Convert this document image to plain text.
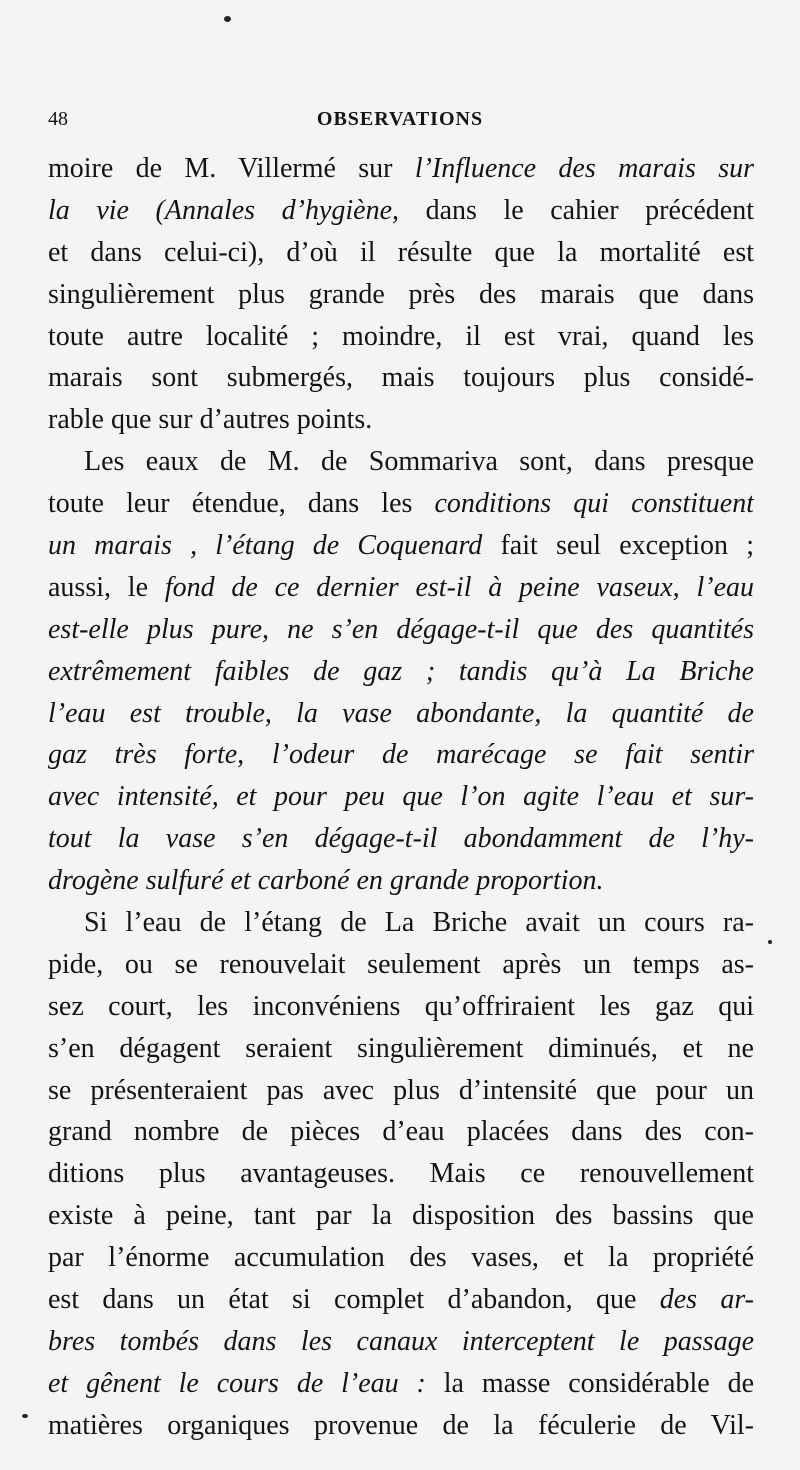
48	OBSERVATIONS
moire de M. Villermé sur l’Influence des marais sur
la vie (Annales d’hygiène, dans le cahier précédent
et dans celui-ci), d’où il résulte que la mortalité est
singulièrement plus grande près des marais que dans
toute autre localité ; moindre, il est vrai, quand les
marais sont submergés, mais toujours plus considé-
rable que sur d’autres points.
Les eaux de M. de Sommariva sont, dans presque
toute leur étendue, dans les conditions qui constituent
un marais , l’étang de Coquenard fait seul exception ;
aussi, le fond de ce dernier est-il à peine vaseux, l’eau
est-elle plus pure, ne s’en dégage-t-il que des quantités
extrêmement faibles de gaz ; tandis qu’à La Briche
l’eau est trouble, la vase abondante, la quantité de
gaz très forte, l’odeur de marécage se fait sentir
avec intensité, et pour peu que l’on agite l’eau et sur-
tout la vase s’en dégage-t-il abondamment de l’hy-
drogène sulfuré et carboné en grande proportion.
Si l’eau de l’étang de La Briche avait un cours ra-
pide, ou se renouvelait seulement après un temps as-
sez court, les inconvéniens qu’offriraient les gaz qui
s’en dégagent seraient singulièrement diminués, et ne
se présenteraient pas avec plus d’intensité que pour un
grand nombre de pièces d’eau placées dans des con-
ditions plus avantageuses. Mais ce renouvellement
existe à peine, tant par la disposition des bassins que
par l’énorme accumulation des vases, et la propriété
est dans un état si complet d’abandon, que des ar-
bres tombés dans les canaux interceptent le passage
et gênent le cours de l’eau : la masse considérable de
matières organiques provenue de la féculerie de Vil-
